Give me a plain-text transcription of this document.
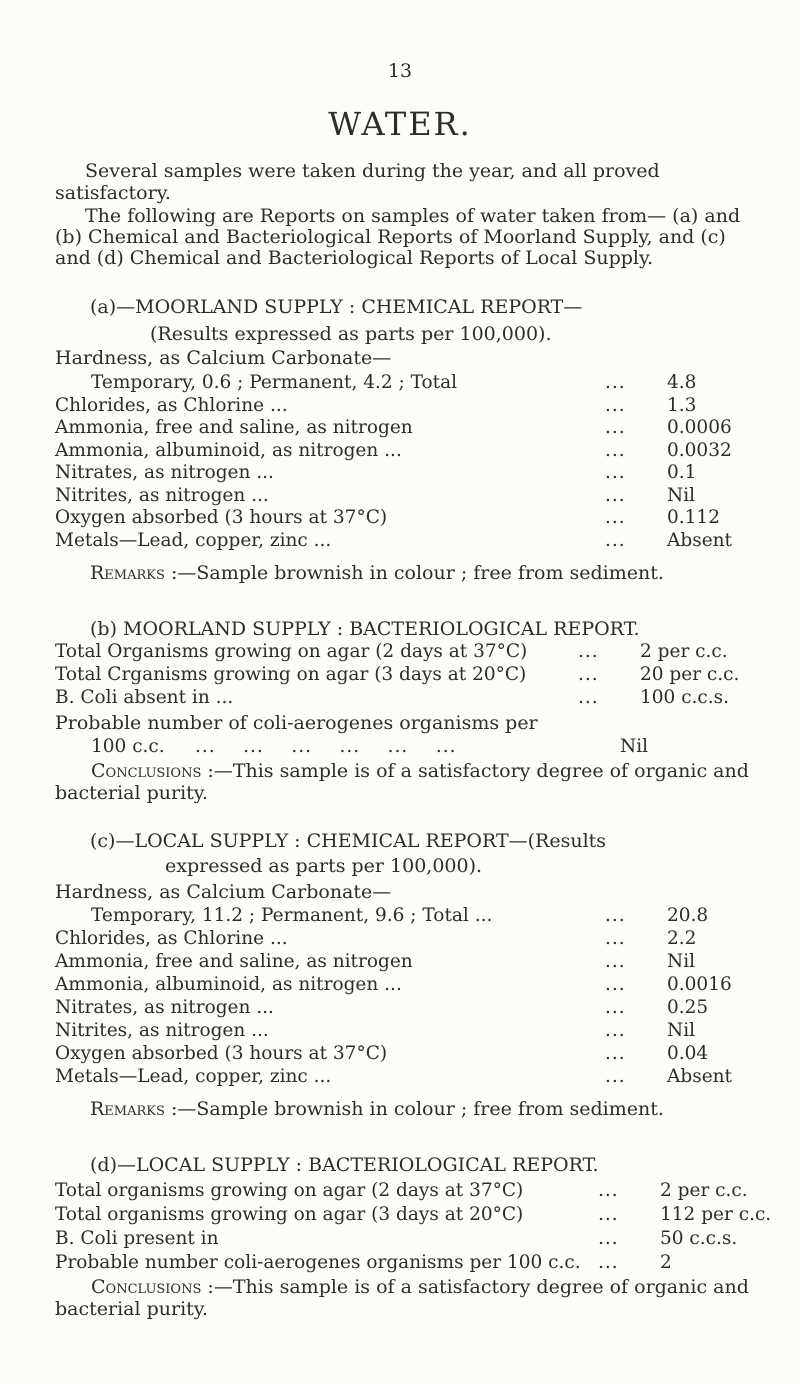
13
WATER.
Several samples were taken during the year, and all proved satisfactory.
The following are Reports on samples of water taken from— (a) and (b) Chemical and Bacteriological Reports of Moorland Supply, and (c) and (d) Chemical and Bacteriological Reports of Local Supply.
(a)—MOORLAND SUPPLY : CHEMICAL REPORT—
(Results expressed as parts per 100,000).
Hardness, as Calcium Carbonate—
Temporary, 0.6 ; Permanent, 4.2 ; Total	... 4.8
Chlorides, as Chlorine ...	... 1.3
Ammonia, free and saline, as nitrogen	... 0.0006
Ammonia, albuminoid, as nitrogen ...	... 0.0032
Nitrates, as nitrogen ...	... 0.1
Nitrites, as nitrogen ...	... Nil
Oxygen absorbed (3 hours at 37°C)	... 0.112
Metals—Lead, copper, zinc ...	... Absent
Remarks :—Sample brownish in colour ; free from sediment.
(b) MOORLAND SUPPLY : BACTERIOLOGICAL REPORT.
Total Organisms growing on agar (2 days at 37°C)	... 2 per c.c.
Total Crganisms growing on agar (3 days at 20°C)	... 20 per c.c.
B. Coli absent in ...	... 100 c.c.s.
Probable number of coli-aerogenes organisms per
100 c.c. ...    ...    ...    ...    ...    ...	Nil
Conclusions :—This sample is of a satisfactory degree of organic and bacterial purity.
(c)—LOCAL SUPPLY : CHEMICAL REPORT—(Results
expressed as parts per 100,000).
Hardness, as Calcium Carbonate—
Temporary, 11.2 ; Permanent, 9.6 ; Total ...	... 20.8
Chlorides, as Chlorine ...	... 2.2
Ammonia, free and saline, as nitrogen	... Nil
Ammonia, albuminoid, as nitrogen ...	... 0.0016
Nitrates, as nitrogen ...	... 0.25
Nitrites, as nitrogen ...	... Nil
Oxygen absorbed (3 hours at 37°C)	... 0.04
Metals—Lead, copper, zinc ...	... Absent
Remarks :—Sample brownish in colour ; free from sediment.
(d)—LOCAL SUPPLY : BACTERIOLOGICAL REPORT.
Total organisms growing on agar (2 days at 37°C)	... 2 per c.c.
Total organisms growing on agar (3 days at 20°C)	... 112 per c.c.
B. Coli present in	... 50 c.c.s.
Probable number coli-aerogenes organisms per 100 c.c. ... 2
Conclusions :—This sample is of a satisfactory degree of organic and bacterial purity.
